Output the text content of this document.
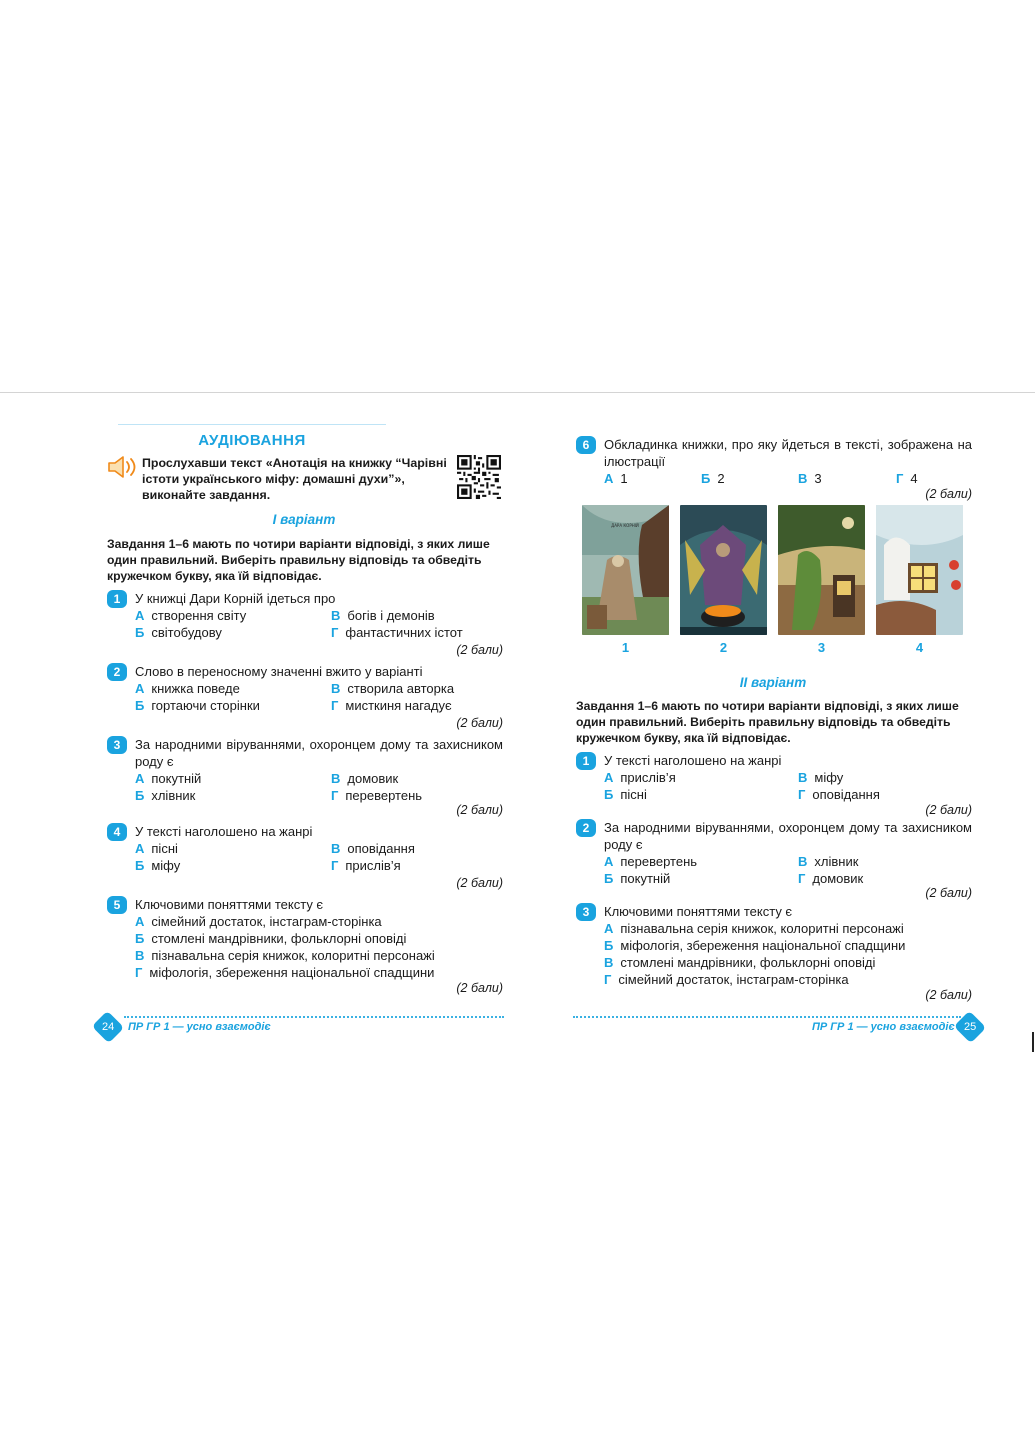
АУДІЮВАННЯ
Прослухавши текст «Анотація на книжку “Чарівні істоти українського міфу: домашні духи”», виконайте завдання.
I варіант
Завдання 1–6 мають по чотири варіанти відповіді, з яких лише один правильний. Виберіть правильну відповідь та обведіть кружечком букву, яка їй відповідає.
1	У книжці Дари Корній ідеться про
А створення світу	В богів і демонів
Б світобудову	Г фантастичних істот
(2 бали)
2	Слово в переносному значенні вжито у варіанті
А книжка поведе	В створила авторка
Б гортаючи сторінки	Г мисткиня нагадує
(2 бали)
3	За народними віруваннями, охоронцем дому та захисником роду є
А покутній	В домовик
Б хлівник	Г перевертень
(2 бали)
4	У тексті наголошено на жанрі
А пісні	В оповідання
Б міфу	Г прислів’я
(2 бали)
5	Ключовими поняттями тексту є
А сімейний достаток, інстаграм-сторінка
Б стомлені мандрівники, фольклорні оповіді
В пізнавальна серія книжок, колоритні персонажі
Г міфологія, збереження національної спадщини
(2 бали)
24	ПР ГР 1 — усно взаємодіє
6	Обкладинка книжки, про яку йдеться в тексті, зображена на ілюстрації
А 1	Б 2	В 3	Г 4
(2 бали)
ДАРА КОРНІЙ
1	2	3	4
II варіант
Завдання 1–6 мають по чотири варіанти відповіді, з яких лише один правильний. Виберіть правильну відповідь та обведіть кружечком букву, яка їй відповідає.
1	У тексті наголошено на жанрі
А прислів’я	В міфу
Б пісні	Г оповідання
(2 бали)
2	За народними віруваннями, охоронцем дому та захисником роду є
А перевертень	В хлівник
Б покутній	Г домовик
(2 бали)
3	Ключовими поняттями тексту є
А пізнавальна серія книжок, колоритні персонажі
Б міфологія, збереження національної спадщини
В стомлені мандрівники, фольклорні оповіді
Г сімейний достаток, інстаграм-сторінка
(2 бали)
25
ПР ГР 1 — усно взаємодіє
